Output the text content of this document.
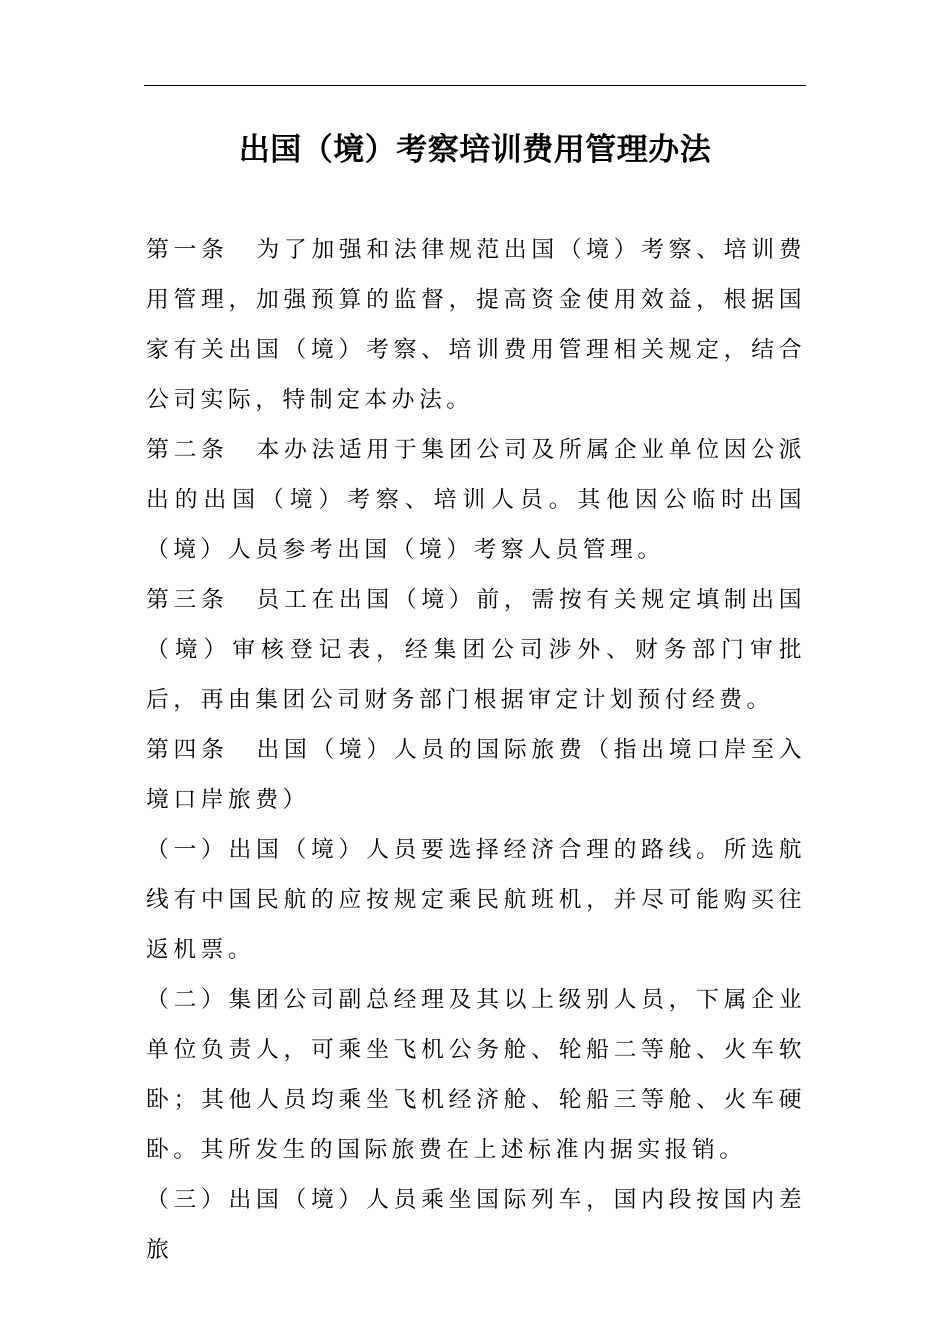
出国（境）考察培训费用管理办法

第一条 为了加强和法律规范出国（境）考察、培训费用管理，加强预算的监督，提高资金使用效益，根据国家有关出国（境）考察、培训费用管理相关规定，结合公司实际，特制定本办法。

第二条 本办法适用于集团公司及所属企业单位因公派出的出国（境）考察、培训人员。其他因公临时出国（境）人员参考出国（境）考察人员管理。

第三条 员工在出国（境）前，需按有关规定填制出国（境）审核登记表，经集团公司涉外、财务部门审批后，再由集团公司财务部门根据审定计划预付经费。

第四条 出国（境）人员的国际旅费（指出境口岸至入境口岸旅费）

（一）出国（境）人员要选择经济合理的路线。所选航线有中国民航的应按规定乘民航班机，并尽可能购买往返机票。

（二）集团公司副总经理及其以上级别人员，下属企业单位负责人，可乘坐飞机公务舱、轮船二等舱、火车软卧；其他人员均乘坐飞机经济舱、轮船三等舱、火车硬卧。其所发生的国际旅费在上述标准内据实报销。

（三）出国（境）人员乘坐国际列车，国内段按国内差旅
